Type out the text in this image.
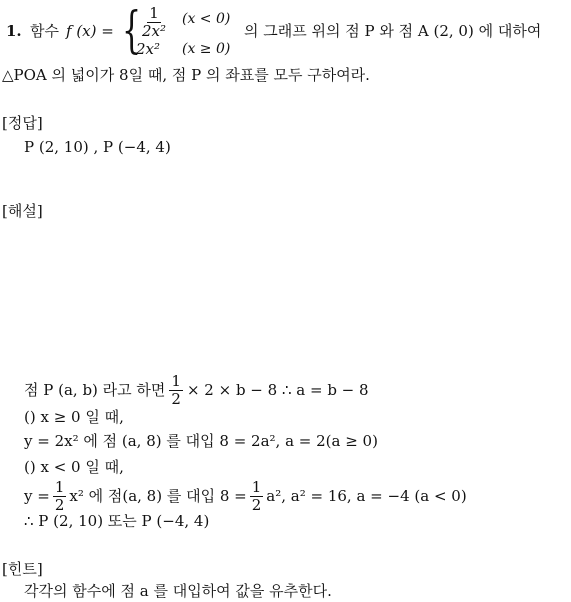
1. 함수 f (x) = {
$\frac{1}{\text{2x²}} (x < 0)$
2x² (x ≥ 0)
의 그래프 위의 점 P 와 점 A (2, 0) 에 대하여
△POA 의 넓이가 8일 때, 점 P 의 좌표를 모두 구하여라.
[정답]
P (2, 10) , P (−4, 4)
[해설]
점 P (a, b) 라고 하면 $\frac{1}{2} \times 2 \times b - 8$ ∴ a = b − 8
() x ≥ 0 일 때,
y = 2x² 에 점 (a, 8) 를 대입 8 = 2a², a = 2(a ≥ 0)
() x < 0 일 때,
$y = \frac{1}{2} x^2$ 에 점(a, 8) 를 대입 $8 = \frac{1}{2} a^2$, a² = 16, a = −4 (a < 0)
∴ P (2, 10) 또는 P (−4, 4)
[힌트]
각각의 함수에 점 a 를 대입하여 값을 유추한다.
